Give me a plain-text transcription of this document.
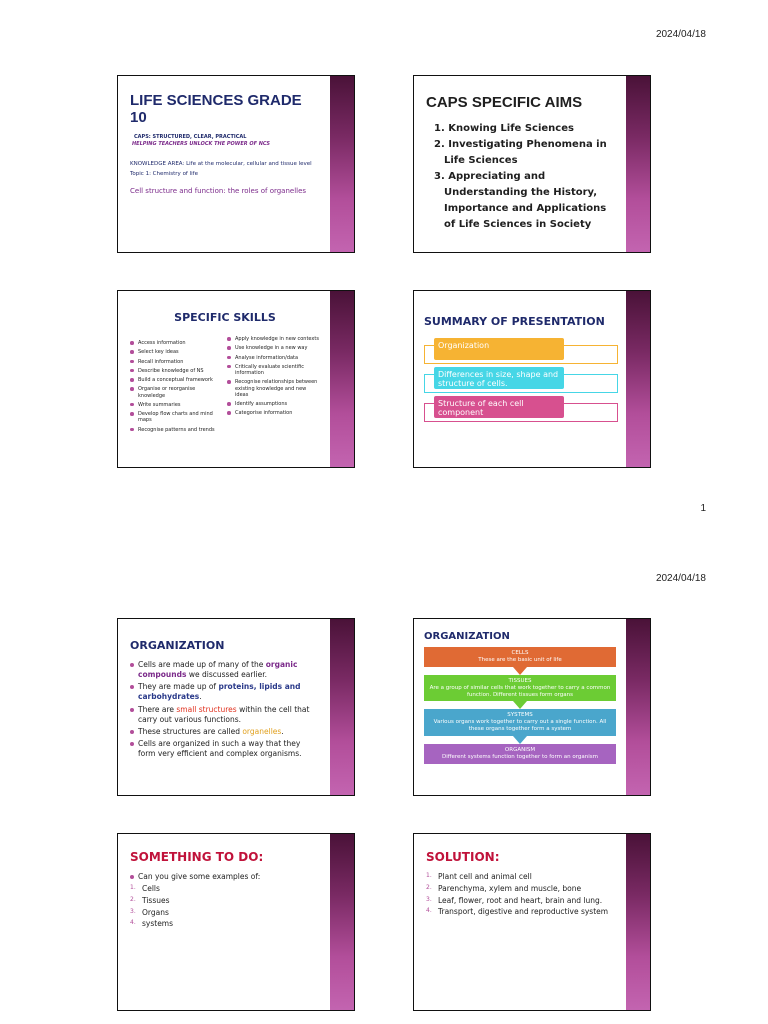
2024/04/18
LIFE SCIENCES GRADE 10
CAPS: STRUCTURED, CLEAR, PRACTICAL
HELPING TEACHERS UNLOCK THE POWER OF NCS
KNOWLEDGE AREA: Life at the molecular, cellular and tissue level
Topic 1: Chemistry of life
Cell structure and function: the roles of organelles
CAPS SPECIFIC AIMS
1. Knowing Life Sciences
2. Investigating Phenomena in Life Sciences
3. Appreciating and Understanding the History, Importance and Applications of Life Sciences in Society
SPECIFIC SKILLS
Access information
Select key ideas
Recall information
Describe knowledge of NS
Build a conceptual framework
Organise or reorganise knowledge
Write summaries
Develop flow charts and mind maps
Recognise patterns and trends
Apply knowledge in new contexts
Use knowledge in a new way
Analyse information/data
Critically evaluate scientific information
Recognise relationships between existing knowledge and new ideas
Identify assumptions
Categorise information
SUMMARY OF PRESENTATION
Organization
Differences in size, shape and structure of cells.
Structure of each cell component
1
2024/04/18
ORGANIZATION
Cells are made up of many of the organic compounds we discussed earlier.
They are made up of proteins, lipids and carbohydrates.
There are small structures within the cell that carry out various functions.
These structures are called organelles.
Cells are organized in such a way that they form very efficient and complex organisms.
ORGANIZATION
CELLS
These are the basic unit of life
TISSUES
Are a group of similar cells that work together to carry a common function. Different tissues form organs
SYSTEMS
Various organs work together to carry out a single function. All these organs together form a system
ORGANISM
Different systems function together to form an organism
SOMETHING TO DO:
Can you give some examples of:
1. Cells
2. Tissues
3. Organs
4. systems
SOLUTION:
1. Plant cell and animal cell
2. Parenchyma, xylem and muscle, bone
3. Leaf, flower, root and heart, brain and lung.
4. Transport, digestive and reproductive system
